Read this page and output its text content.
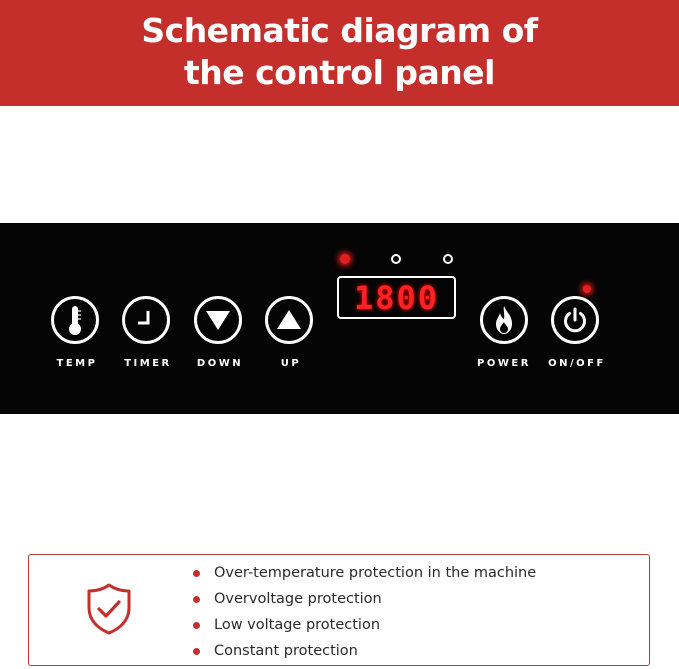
Schematic diagram of
the control panel
TEMP	TIMER	DOWN	UP
1800
POWER	ON/OFF
Over-temperature protection in the machine
Overvoltage protection
Low voltage protection
Constant protection
